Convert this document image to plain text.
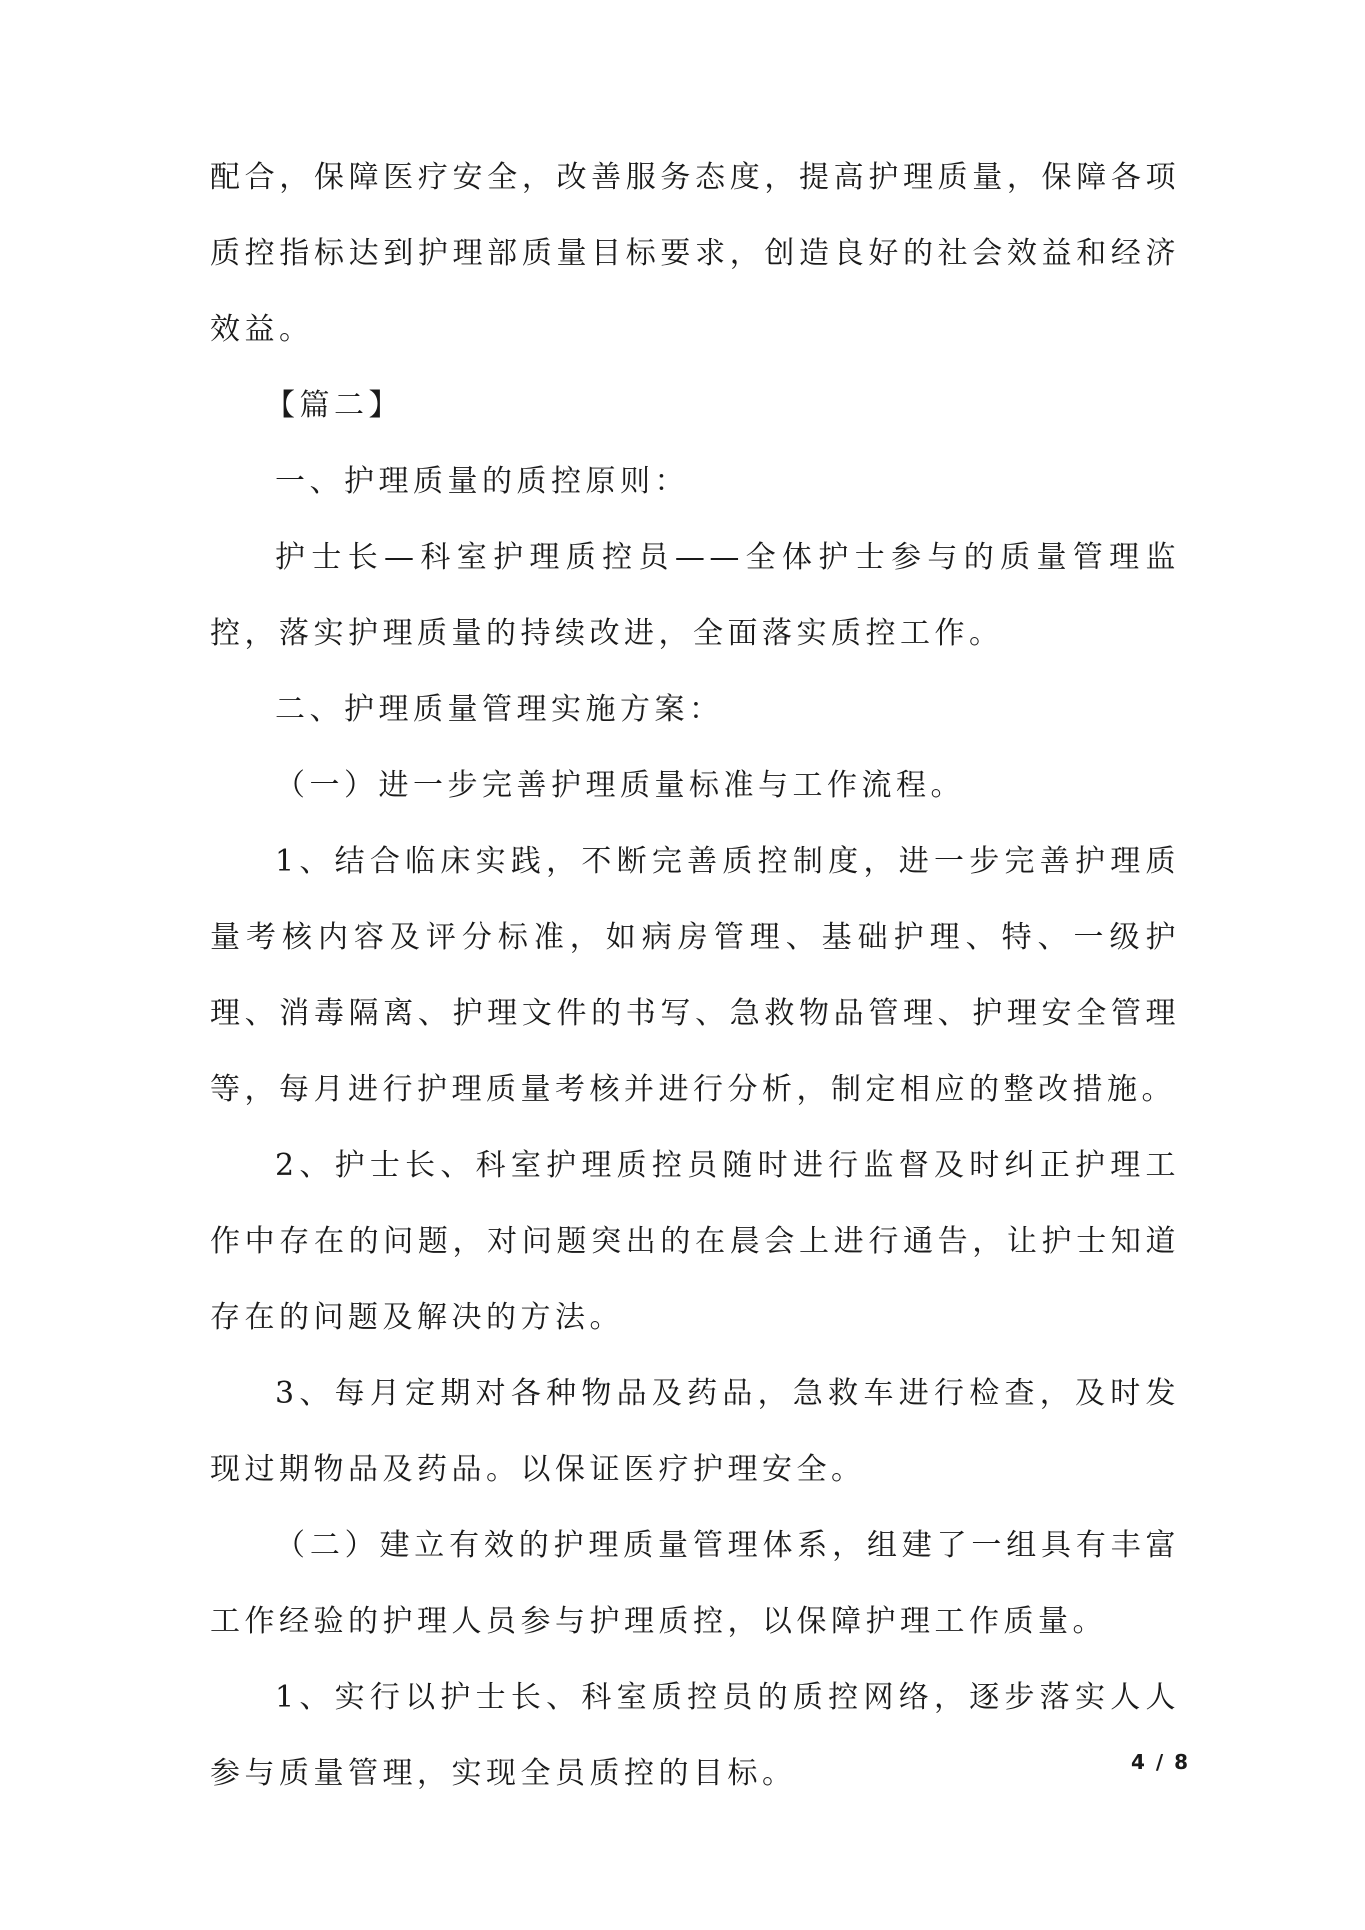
配合，保障医疗安全，改善服务态度，提高护理质量，保障各项质控指标达到护理部质量目标要求，创造良好的社会效益和经济效益。

【篇二】

一、护理质量的质控原则：

护士长—科室护理质控员——全体护士参与的质量管理监控，落实护理质量的持续改进，全面落实质控工作。

二、护理质量管理实施方案：

（一）进一步完善护理质量标准与工作流程。

1、结合临床实践，不断完善质控制度，进一步完善护理质量考核内容及评分标准，如病房管理、基础护理、特、一级护理、消毒隔离、护理文件的书写、急救物品管理、护理安全管理等，每月进行护理质量考核并进行分析，制定相应的整改措施。

2、护士长、科室护理质控员随时进行监督及时纠正护理工作中存在的问题，对问题突出的在晨会上进行通告，让护士知道存在的问题及解决的方法。

3、每月定期对各种物品及药品，急救车进行检查，及时发现过期物品及药品。以保证医疗护理安全。

（二）建立有效的护理质量管理体系，组建了一组具有丰富工作经验的护理人员参与护理质控，以保障护理工作质量。

1、实行以护士长、科室质控员的质控网络，逐步落实人人参与质量管理，实现全员质控的目标。	4 / 8
